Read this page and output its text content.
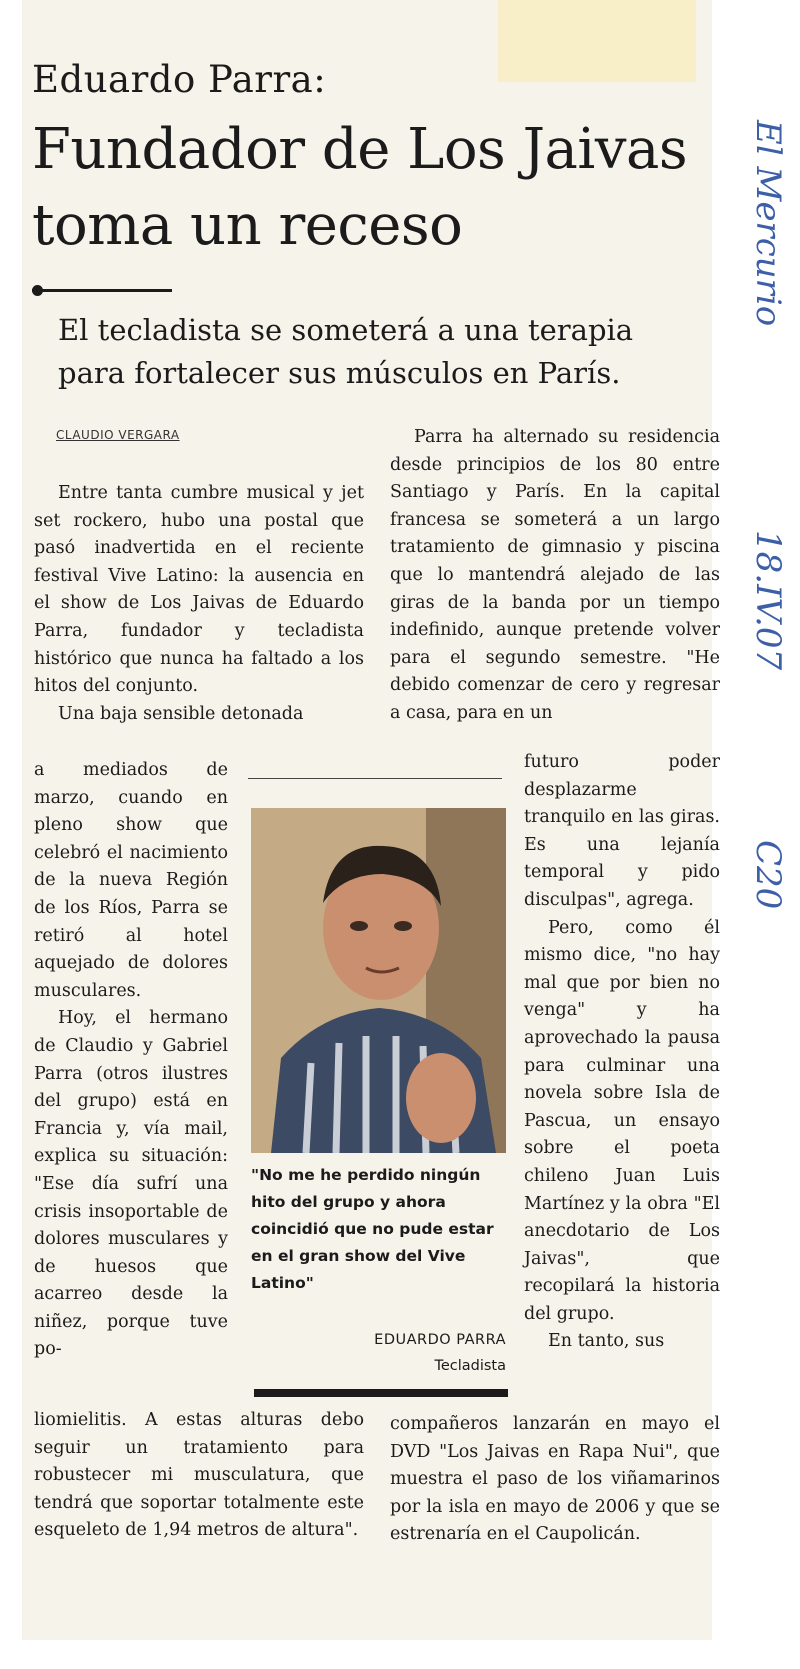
Eduardo Parra:
Fundador de Los Jaivas toma un receso
El tecladista se someterá a una terapia para fortalecer sus músculos en París.
CLAUDIO VERGARA

Entre tanta cumbre musical y jet set rockero, hubo una postal que pasó inadvertida en el reciente festival Vive Latino: la ausencia en el show de Los Jaivas de Eduardo Parra, fundador y tecladista histórico que nunca ha faltado a los hitos del conjunto.

Una baja sensible detonada

a mediados de marzo, cuando en pleno show que celebró el nacimiento de la nueva Región de los Ríos, Parra se retiró al hotel aquejado de dolores musculares.

Hoy, el hermano de Claudio y Gabriel Parra (otros ilustres del grupo) está en Francia y, vía mail, explica su situación: "Ese día sufrí una crisis insoportable de dolores musculares y de huesos que acarreo desde la niñez, porque tuve po-

liomielitis. A estas alturas debo seguir un tratamiento para robustecer mi musculatura, que tendrá que soportar totalmente este esqueleto de 1,94 metros de altura".

Parra ha alternado su residencia desde principios de los 80 entre Santiago y París. En la capital francesa se someterá a un largo tratamiento de gimnasio y piscina que lo mantendrá alejado de las giras de la banda por un tiempo indefinido, aunque pretende volver para el segundo semestre. "He debido comenzar de cero y regresar a casa, para en un

futuro poder desplazarme tranquilo en las giras. Es una lejanía temporal y pido disculpas", agrega.

Pero, como él mismo dice, "no hay mal que por bien no venga" y ha aprovechado la pausa para culminar una novela sobre Isla de Pascua, un ensayo sobre el poeta chileno Juan Luis Martínez y la obra "El anecdotario de Los Jaivas", que recopilará la historia del grupo.

En tanto, sus

compañeros lanzarán en mayo el DVD "Los Jaivas en Rapa Nui", que muestra el paso de los viñamarinos por la isla en mayo de 2006 y que se estrenaría en el Caupolicán.

"No me he perdido ningún hito del grupo y ahora coincidió que no pude estar en el gran show del Vive Latino"
EDUARDO PARRA
Tecladista
El Mercurio
18.IV.07
C20
